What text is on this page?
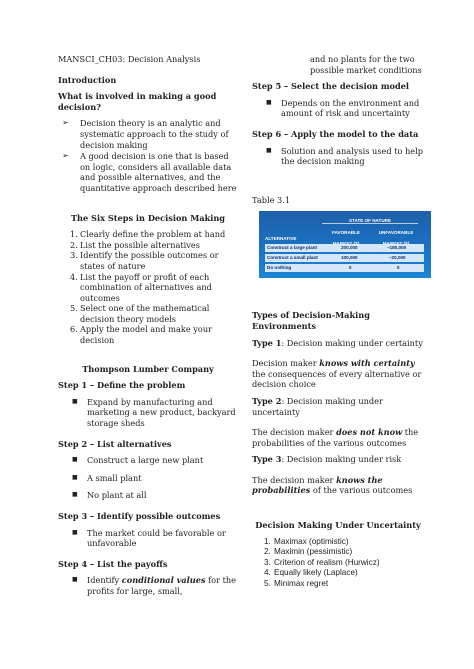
MANSCI_CH03: Decision Analysis

Introduction

What is involved in making a good decision?

➢ Decision theory is an analytic and systematic approach to the study of decision making
➢ A good decision is one that is based on logic, considers all available data and possible alternatives, and the quantitative approach described here

The Six Steps in Decision Making

1. Clearly define the problem at hand
2. List the possible alternatives
3. Identify the possible outcomes or states of nature
4. List the payoff or profit of each combination of alternatives and outcomes
5. Select one of the mathematical decision theory models
6. Apply the model and make your decision

Thompson Lumber Company

Step 1 – Define the problem

■ Expand by manufacturing and marketing a new product, backyard storage sheds

Step 2 – List alternatives

■ Construct a large new plant
■ A small plant
■ No plant at all

Step 3 – Identify possible outcomes

■ The market could be favorable or unfavorable

Step 4 – List the payoffs

■ Identify conditional values for the profits for large, small,

and no plants for the two possible market conditions

Step 5 – Select the decision model

■ Depends on the environment and amount of risk and uncertainty

Step 6 – Apply the model to the data

■ Solution and analysis used to help the decision making

Table 3.1

STATE OF NATURE
ALTERNATIVE
FAVORABLE	UNFAVORABLE
Construct a large plant	200,000	–180,000
Construct a small plant	100,000	–20,000
Do nothing	0	0

Types of Decision-Making Environments

Type 1: Decision making under certainty

Decision maker knows with certainty the consequences of every alternative or decision choice

Type 2: Decision making under uncertainty

The decision maker does not know the probabilities of the various outcomes

Type 3: Decision making under risk

The decision maker knows the probabilities of the various outcomes

Decision Making Under Uncertainty

1. Maximax (optimistic)
2. Maximin (pessimistic)
3. Criterion of realism (Hurwicz)
4. Equally likely (Laplace)
5. Minimax regret
